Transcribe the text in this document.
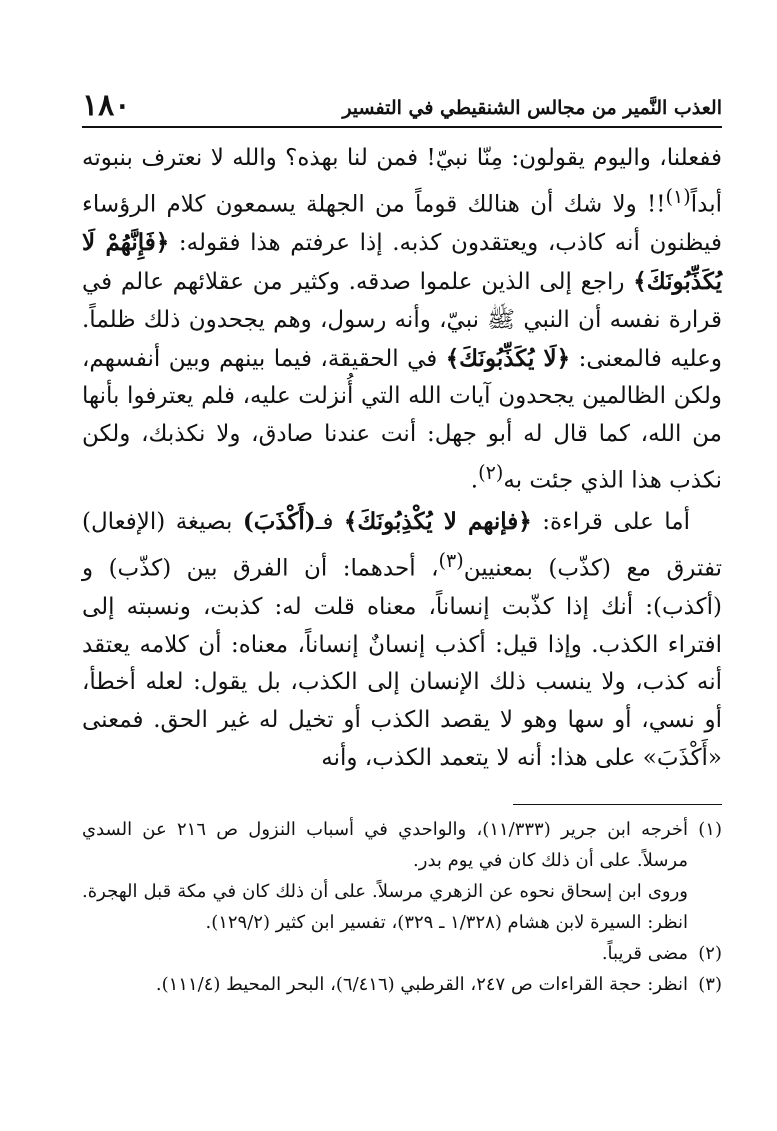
١٨٠	العذب النَّمير من مجالس الشنقيطي في التفسير

ففعلنا، واليوم يقولون: مِنّا نبيّ! فمن لنا بهذه؟ والله لا نعترف بنبوته أبداً$^{(١)}$!! ولا شك أن هنالك قوماً من الجهلة يسمعون كلام الرؤساء فيظنون أنه كاذب، ويعتقدون كذبه. إذا عرفتم هذا فقوله: ﴿فَإِنَّهُمْ لَا يُكَذِّبُونَكَ﴾ راجع إلى الذين علموا صدقه. وكثير من عقلائهم عالم في قرارة نفسه أن النبي ﷺ نبيّ، وأنه رسول، وهم يجحدون ذلك ظلماً. وعليه فالمعنى: ﴿لَا يُكَذِّبُونَكَ﴾ في الحقيقة، فيما بينهم وبين أنفسهم، ولكن الظالمين يجحدون آيات الله التي أُنزلت عليه، فلم يعترفوا بأنها من الله، كما قال له أبو جهل: أنت عندنا صادق، ولا نكذبك، ولكن نكذب هذا الذي جئت به$^{(٢)}$.

أما على قراءة: ﴿فإنهم لا يُكْذِبُونَكَ﴾ فـ(أَكْذَبَ) بصيغة (الإفعال) تفترق مع (كذّب) بمعنيين$^{(٣)}$، أحدهما: أن الفرق بين (كذّب) و (أكذب): أنك إذا كذّبت إنساناً، معناه قلت له: كذبت، ونسبته إلى افتراء الكذب. وإذا قيل: أكذب إنسانٌ إنساناً، معناه: أن كلامه يعتقد أنه كذب، ولا ينسب ذلك الإنسان إلى الكذب، بل يقول: لعله أخطأ، أو نسي، أو سها وهو لا يقصد الكذب أو تخيل له غير الحق. فمعنى «أَكْذَبَ» على هذا: أنه لا يتعمد الكذب، وأنه

(١)
أخرجه ابن جرير (١١/٣٣٣)، والواحدي في أسباب النزول ص ٢١٦ عن السدي مرسلاً. على أن ذلك كان في يوم بدر.
وروى ابن إسحاق نحوه عن الزهري مرسلاً. على أن ذلك كان في مكة قبل الهجرة. انظر: السيرة لابن هشام (١/٣٢٨ ـ ٣٢٩)، تفسير ابن كثير (١٢٩/٢).
(٢)
مضى قريباً.
(٣)
انظر: حجة القراءات ص ٢٤٧، القرطبي (٦/٤١٦)، البحر المحيط (١١١/٤).
